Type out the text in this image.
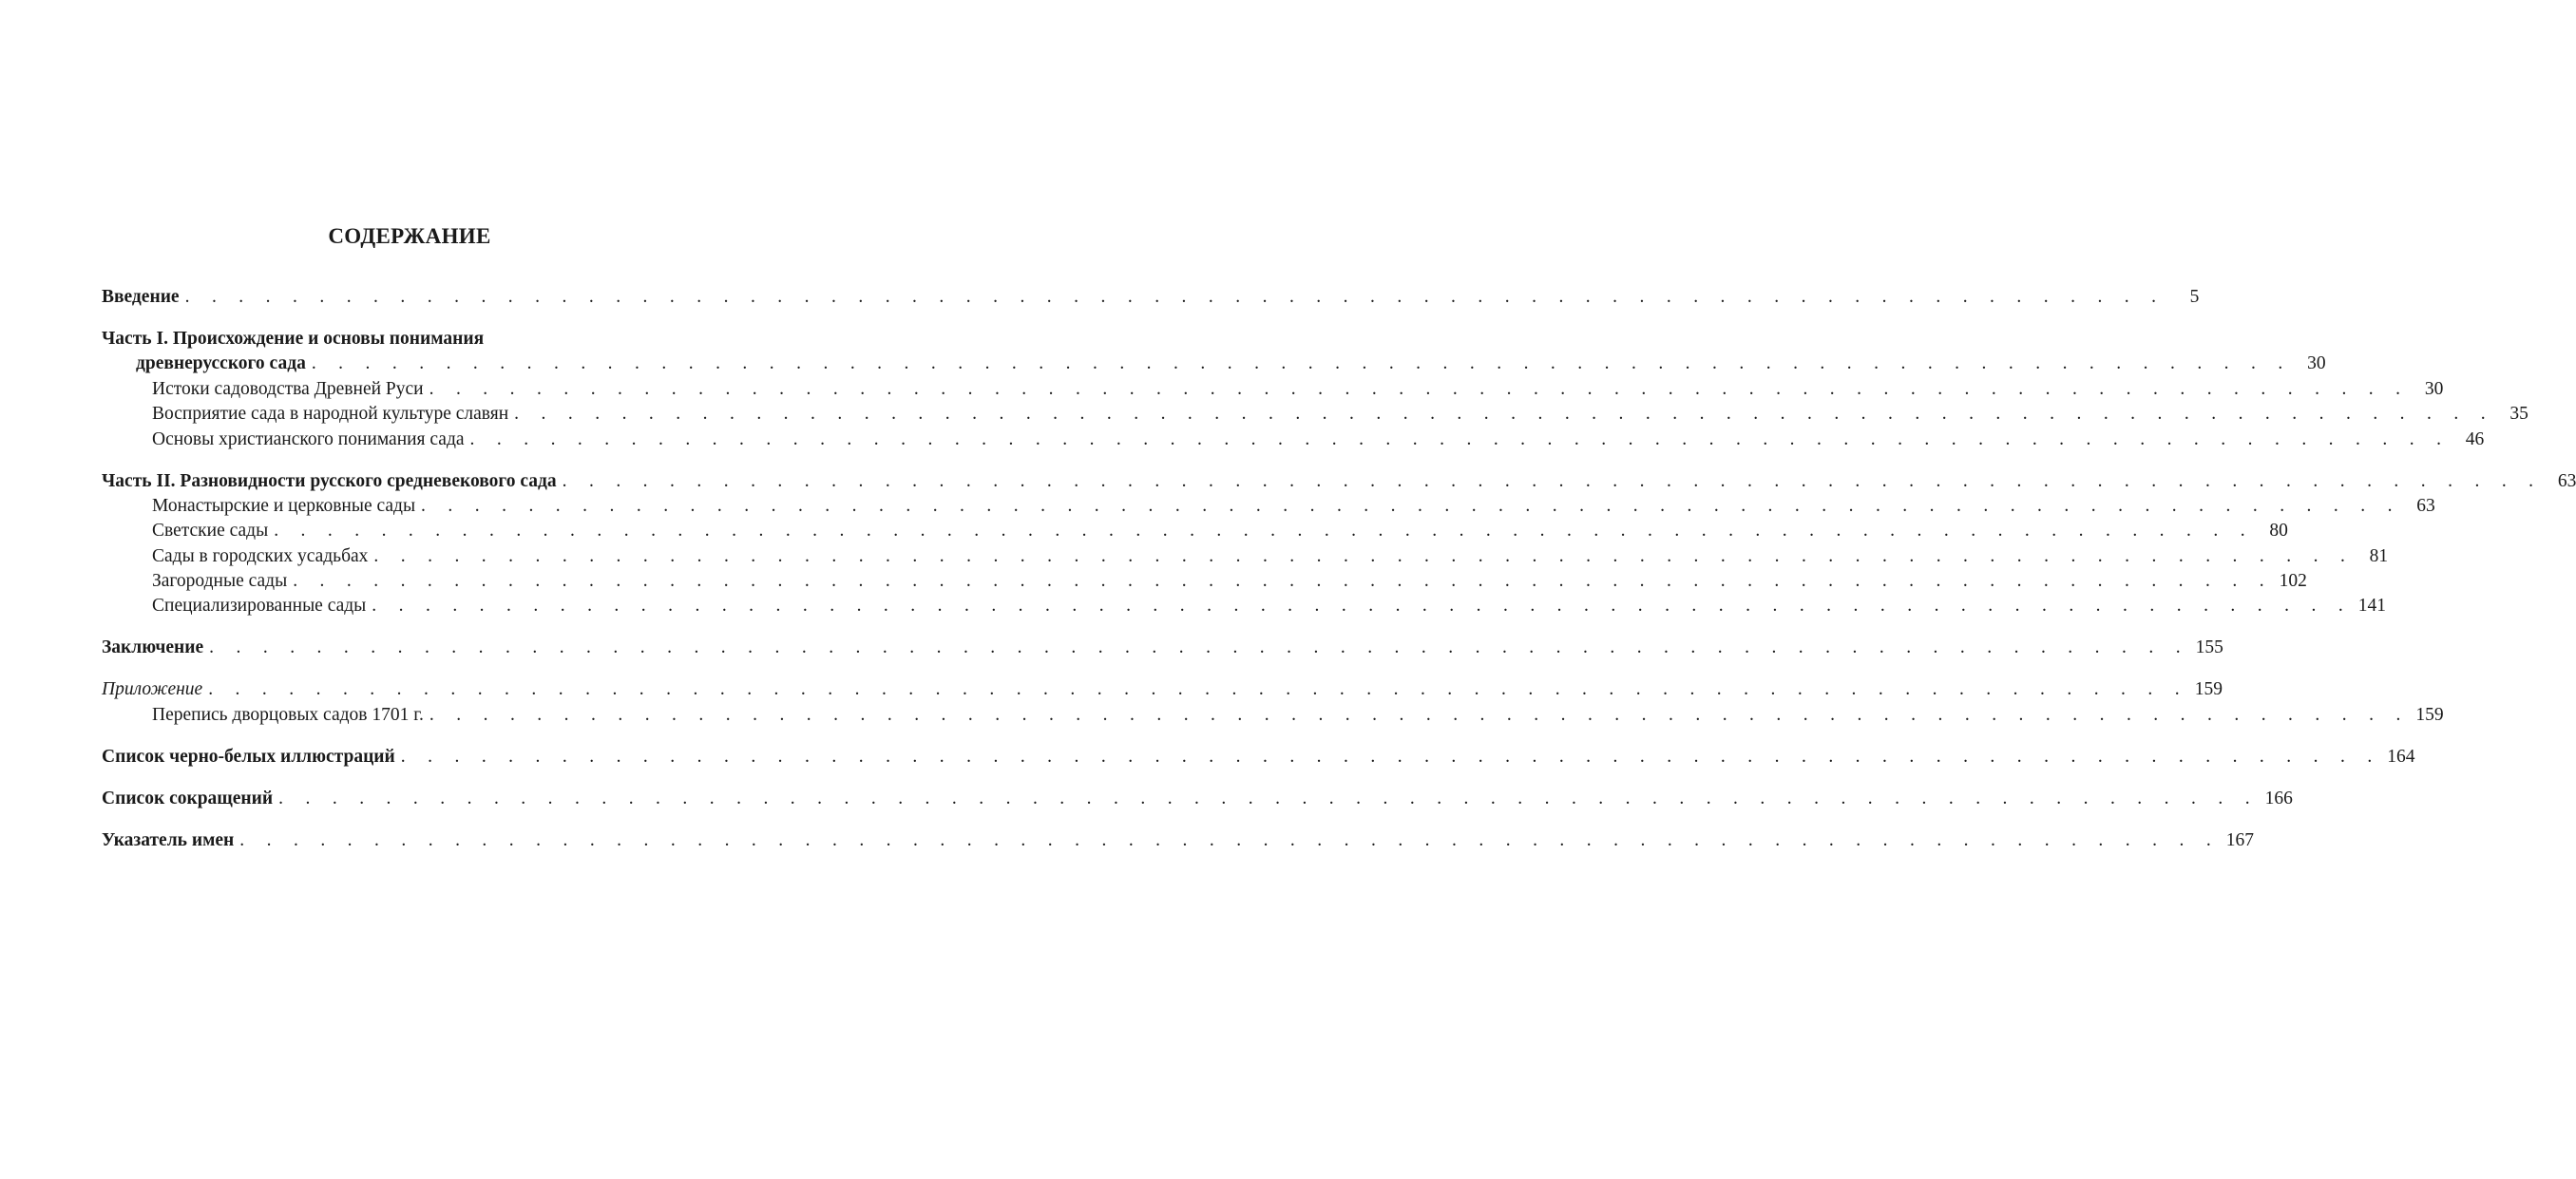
СОДЕРЖАНИЕ
Введение . . . . . . . . . . . . . . . . . . . . . . . . . . . . . . . . . . . . . . . . . . . . . . . . . . . . . . . . . . . . . . . . . . . . . . . . . .	5
Часть I. Происхождение и основы понимания
древнерусского сада . . . . . . . . . . . . . . . . . . . . . . . . . . . . . . . . . . . . . . . . . . . . . . . . . . . . . . . . . . . . . . . . . . . . . . . . . . 30
Истоки садоводства Древней Руси . . . . . . . . . . . . . . . . . . . . . . . . . . . . . . . . . . . . . . . . . . . . . . . . . . . . . . . . . . . . . . . . . . . . . . . . . . 30
Восприятие сада в народной культуре славян . . . . . . . . . . . . . . . . . . . . . . . . . . . . . . . . . . . . . . . . . . . . . . . . . . . . . . . . . . . . . . . . . . . . . . . . . . 35
Основы христианского понимания сада . . . . . . . . . . . . . . . . . . . . . . . . . . . . . . . . . . . . . . . . . . . . . . . . . . . . . . . . . . . . . . . . . . . . . . . . . . 46
Часть II. Разновидности русского средневекового сада . . . . . . . . . . . . . . . . . . . . . . . . . . . . . . . . . . . . . . . . . . . . . . . . . . . . . . . . . . . . . . . . . . . . . . . . . . 63
Монастырские и церковные сады . . . . . . . . . . . . . . . . . . . . . . . . . . . . . . . . . . . . . . . . . . . . . . . . . . . . . . . . . . . . . . . . . . . . . . . . . . 63
Светские сады . . . . . . . . . . . . . . . . . . . . . . . . . . . . . . . . . . . . . . . . . . . . . . . . . . . . . . . . . . . . . . . . . . . . . . . . . . 80
Сады в городских усадьбах . . . . . . . . . . . . . . . . . . . . . . . . . . . . . . . . . . . . . . . . . . . . . . . . . . . . . . . . . . . . . . . . . . . . . . . . . . 81
Загородные сады . . . . . . . . . . . . . . . . . . . . . . . . . . . . . . . . . . . . . . . . . . . . . . . . . . . . . . . . . . . . . . . . . . . . . . . . . . 102
Специализированные сады . . . . . . . . . . . . . . . . . . . . . . . . . . . . . . . . . . . . . . . . . . . . . . . . . . . . . . . . . . . . . . . . . . . . . . . . . . 141
Заключение . . . . . . . . . . . . . . . . . . . . . . . . . . . . . . . . . . . . . . . . . . . . . . . . . . . . . . . . . . . . . . . . . . . . . . . . . . 155
Приложение . . . . . . . . . . . . . . . . . . . . . . . . . . . . . . . . . . . . . . . . . . . . . . . . . . . . . . . . . . . . . . . . . . . . . . . . . . 159
Перепись дворцовых садов 1701 г. . . . . . . . . . . . . . . . . . . . . . . . . . . . . . . . . . . . . . . . . . . . . . . . . . . . . . . . . . . . . . . . . . . . . . . . . . . 159
Список черно-белых иллюстраций . . . . . . . . . . . . . . . . . . . . . . . . . . . . . . . . . . . . . . . . . . . . . . . . . . . . . . . . . . . . . . . . . . . . . . . . . . 164
Список сокращений . . . . . . . . . . . . . . . . . . . . . . . . . . . . . . . . . . . . . . . . . . . . . . . . . . . . . . . . . . . . . . . . . . . . . . . . . . 166
Указатель имен . . . . . . . . . . . . . . . . . . . . . . . . . . . . . . . . . . . . . . . . . . . . . . . . . . . . . . . . . . . . . . . . . . . . . . . . . . 167
